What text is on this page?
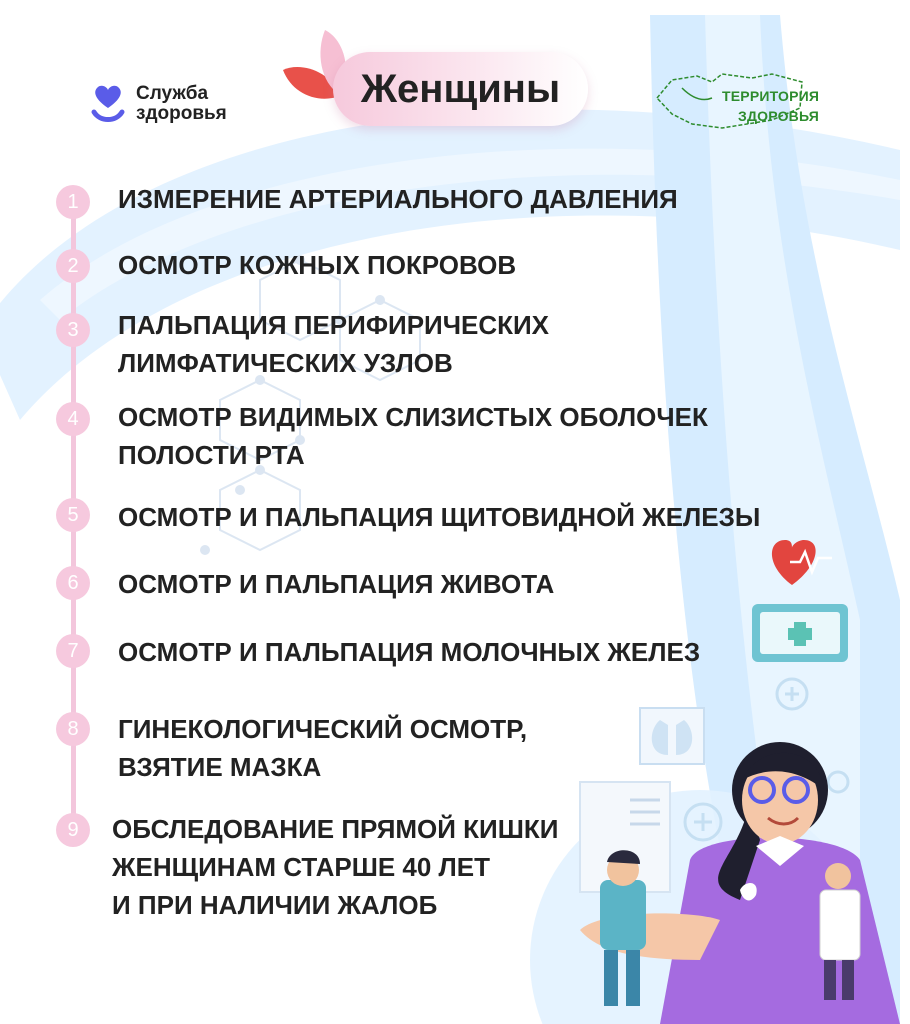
Служба
здоровья
Женщины	ТЕРРИТОРИЯ
ЗДОРОВЬЯ
1	ИЗМЕРЕНИЕ АРТЕРИАЛЬНОГО ДАВЛЕНИЯ
2	ОСМОТР КОЖНЫХ ПОКРОВОВ
3	ПАЛЬПАЦИЯ ПЕРИФИРИЧЕСКИХ
ЛИМФАТИЧЕСКИХ УЗЛОВ
4	ОСМОТР ВИДИМЫХ СЛИЗИСТЫХ ОБОЛОЧЕК
ПОЛОСТИ РТА
5	ОСМОТР И ПАЛЬПАЦИЯ ЩИТОВИДНОЙ ЖЕЛЕЗЫ
6	ОСМОТР И ПАЛЬПАЦИЯ ЖИВОТА
7	ОСМОТР И ПАЛЬПАЦИЯ МОЛОЧНЫХ ЖЕЛЕЗ
8	ГИНЕКОЛОГИЧЕСКИЙ ОСМОТР,
ВЗЯТИЕ МАЗКА
9	ОБСЛЕДОВАНИЕ ПРЯМОЙ КИШКИ
ЖЕНЩИНАМ СТАРШЕ 40 ЛЕТ
И ПРИ НАЛИЧИИ ЖАЛОБ
